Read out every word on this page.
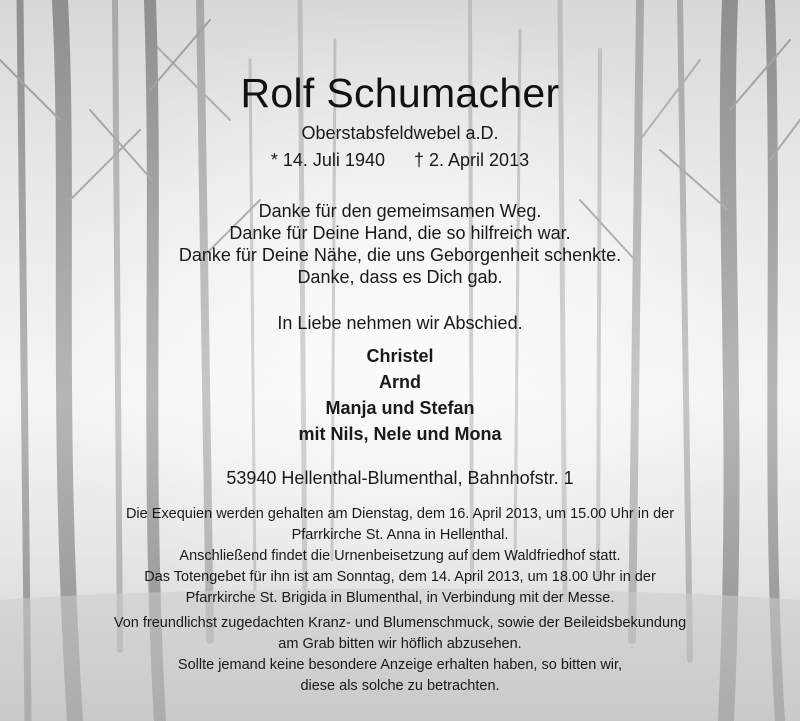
Rolf Schumacher
Oberstabsfeldwebel a.D.
* 14. Juli 1940 † 2. April 2013
Danke für den gemeimsamen Weg.
Danke für Deine Hand, die so hilfreich war.
Danke für Deine Nähe, die uns Geborgenheit schenkte.
Danke, dass es Dich gab.
In Liebe nehmen wir Abschied.
Christel
Arnd
Manja und Stefan
mit Nils, Nele und Mona
53940 Hellenthal-Blumenthal, Bahnhofstr. 1
Die Exequien werden gehalten am Dienstag, dem 16. April 2013, um 15.00 Uhr in der
Pfarrkirche St. Anna in Hellenthal.
Anschließend findet die Urnenbeisetzung auf dem Waldfriedhof statt.
Das Totengebet für ihn ist am Sonntag, dem 14. April 2013, um 18.00 Uhr in der
Pfarrkirche St. Brigida in Blumenthal, in Verbindung mit der Messe.
Von freundlichst zugedachten Kranz- und Blumenschmuck, sowie der Beileidsbekundung
am Grab bitten wir höflich abzusehen.
Sollte jemand keine besondere Anzeige erhalten haben, so bitten wir,
diese als solche zu betrachten.
